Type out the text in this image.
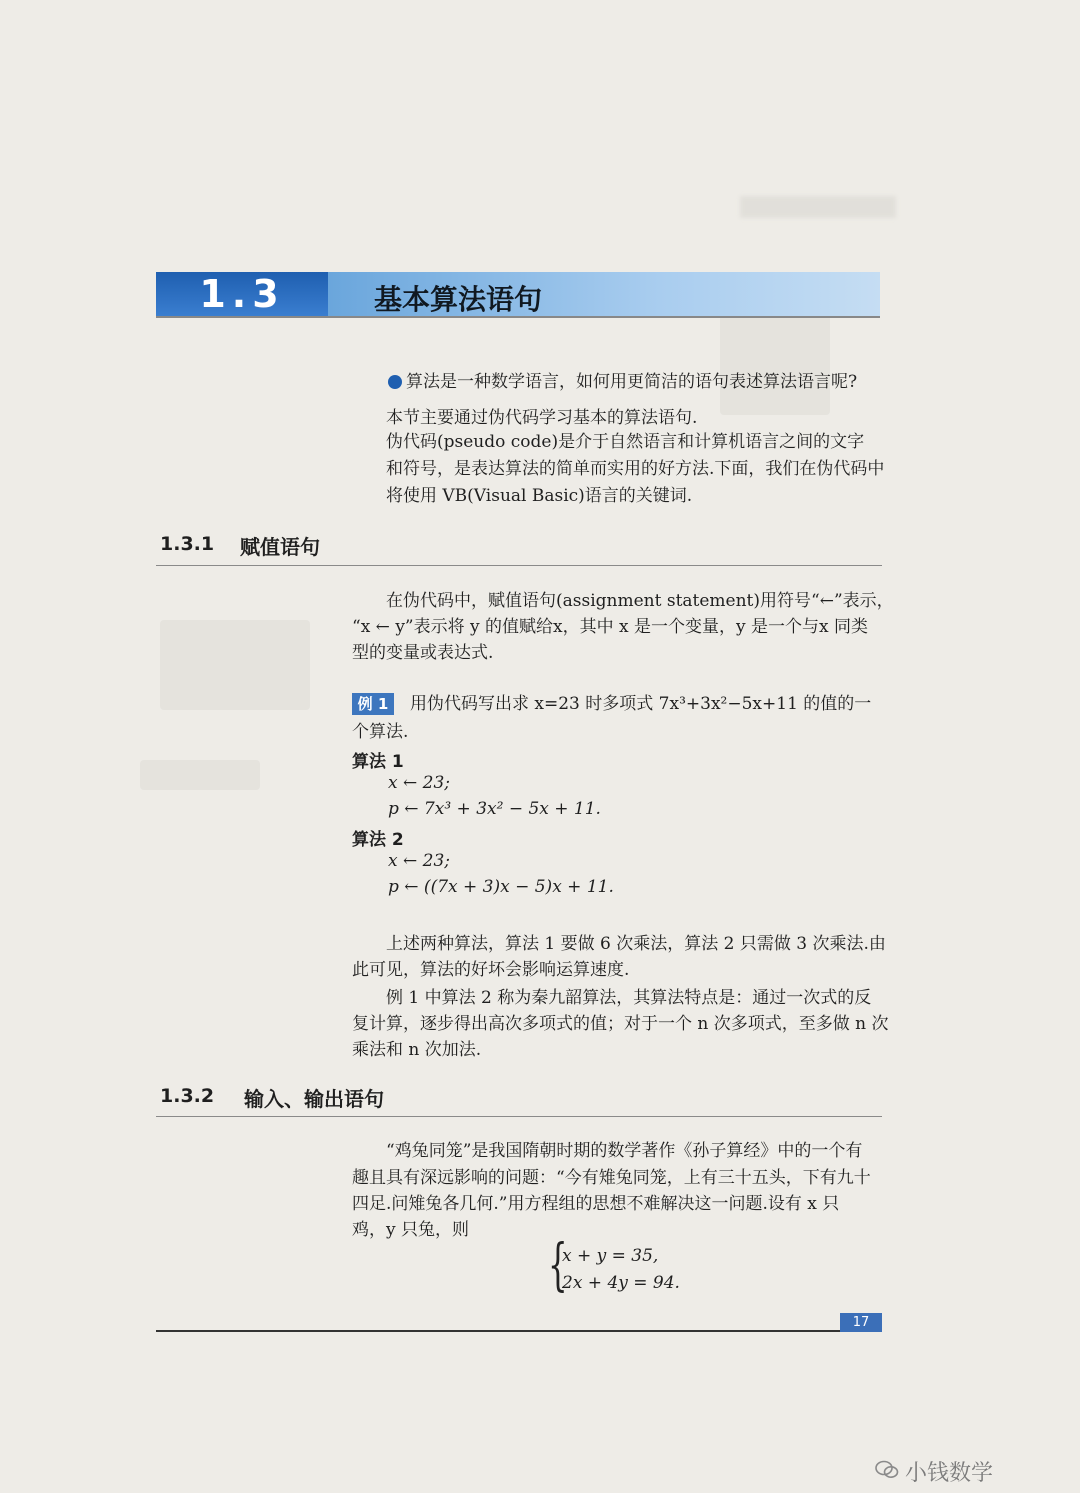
1.3	基本算法语句
算法是一种数学语言，如何用更简洁的语句表述算法语言呢?
本节主要通过伪代码学习基本的算法语句.
伪代码(pseudo code)是介于自然语言和计算机语言之间的文字
和符号，是表达算法的简单而实用的好方法.下面，我们在伪代码中
将使用 VB(Visual Basic)语言的关键词.
1.3.1 赋值语句
在伪代码中，赋值语句(assignment statement)用符号“←”表示，
“x ← y”表示将 y 的值赋给x，其中 x 是一个变量，y 是一个与x 同类
型的变量或表达式.
例 1	用伪代码写出求 x=23 时多项式 7x³+3x²−5x+11 的值的一
个算法.
算法 1
x ← 23;
p ← 7x³ + 3x² − 5x + 11.
算法 2
x ← 23;
p ← ((7x + 3)x − 5)x + 11.
上述两种算法，算法 1 要做 6 次乘法，算法 2 只需做 3 次乘法.由
此可见，算法的好坏会影响运算速度.
例 1 中算法 2 称为秦九韶算法，其算法特点是：通过一次式的反
复计算，逐步得出高次多项式的值；对于一个 n 次多项式，至多做 n 次
乘法和 n 次加法.
1.3.2 输入、输出语句
“鸡兔同笼”是我国隋朝时期的数学著作《孙子算经》中的一个有
趣且具有深远影响的问题：“今有雉兔同笼，上有三十五头，下有九十
四足.问雉兔各几何.”用方程组的思想不难解决这一问题.设有 x 只
鸡，y 只兔，则
{
x + y = 35,
2x + 4y = 94.
17
小钱数学
